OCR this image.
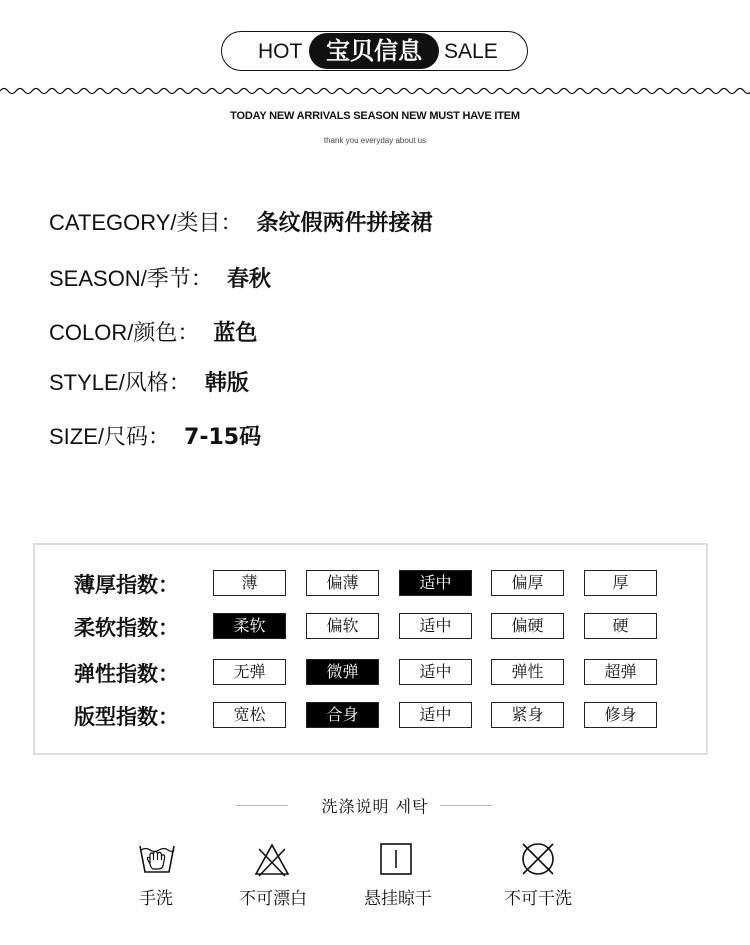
HOT 宝贝信息	SALE
TODAY NEW ARRIVALS SEASON NEW MUST HAVE ITEM
thank you everyday about us
CATEGORY/类目： 条纹假两件拼接裙
SEASON/季节： 春秋
COLOR/颜色： 蓝色
STYLE/风格： 韩版
SIZE/尺码： 7-15码
薄厚指数：	薄	偏薄	适中	偏厚	厚
柔软指数：	柔软	偏软	适中	偏硬	硬
弹性指数：	无弹	微弹	适中	弹性	超弹
版型指数：	宽松	合身	适中	紧身	修身
洗涤说明 세탁
手洗	不可漂白	悬挂晾干	不可干洗
